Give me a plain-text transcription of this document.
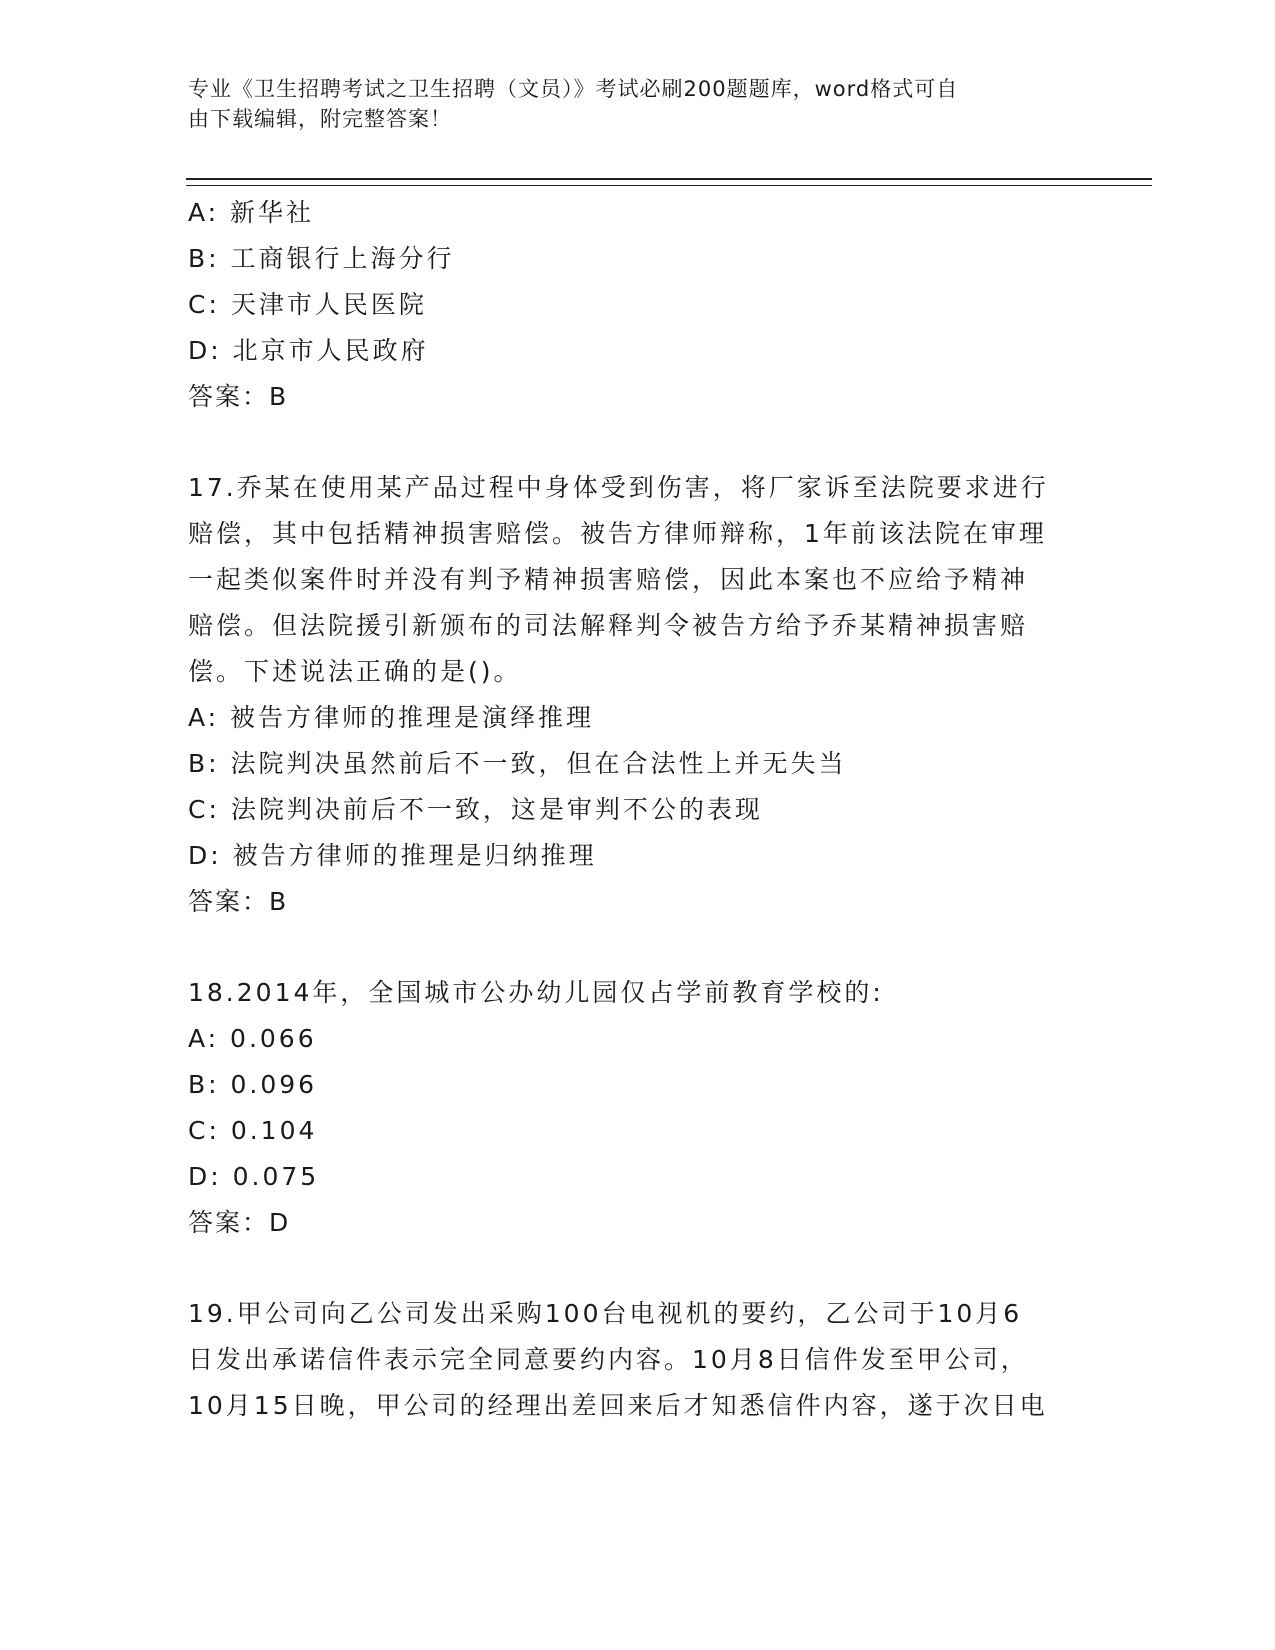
专业《卫生招聘考试之卫生招聘（文员）》考试必刷200题题库，word格式可自
由下载编辑，附完整答案！
A: 新华社
B: 工商银行上海分行
C: 天津市人民医院
D: 北京市人民政府
答案：B
17.乔某在使用某产品过程中身体受到伤害，将厂家诉至法院要求进行
赔偿，其中包括精神损害赔偿。被告方律师辩称，1年前该法院在审理
一起类似案件时并没有判予精神损害赔偿，因此本案也不应给予精神
赔偿。但法院援引新颁布的司法解释判令被告方给予乔某精神损害赔
偿。下述说法正确的是()。
A: 被告方律师的推理是演绎推理
B: 法院判决虽然前后不一致，但在合法性上并无失当
C: 法院判决前后不一致，这是审判不公的表现
D: 被告方律师的推理是归纳推理
答案：B
18.2014年，全国城市公办幼儿园仅占学前教育学校的:
A: 0.066
B: 0.096
C: 0.104
D: 0.075
答案：D
19.甲公司向乙公司发出采购100台电视机的要约，乙公司于10月6
日发出承诺信件表示完全同意要约内容。10月8日信件发至甲公司，
10月15日晚，甲公司的经理出差回来后才知悉信件内容，遂于次日电
